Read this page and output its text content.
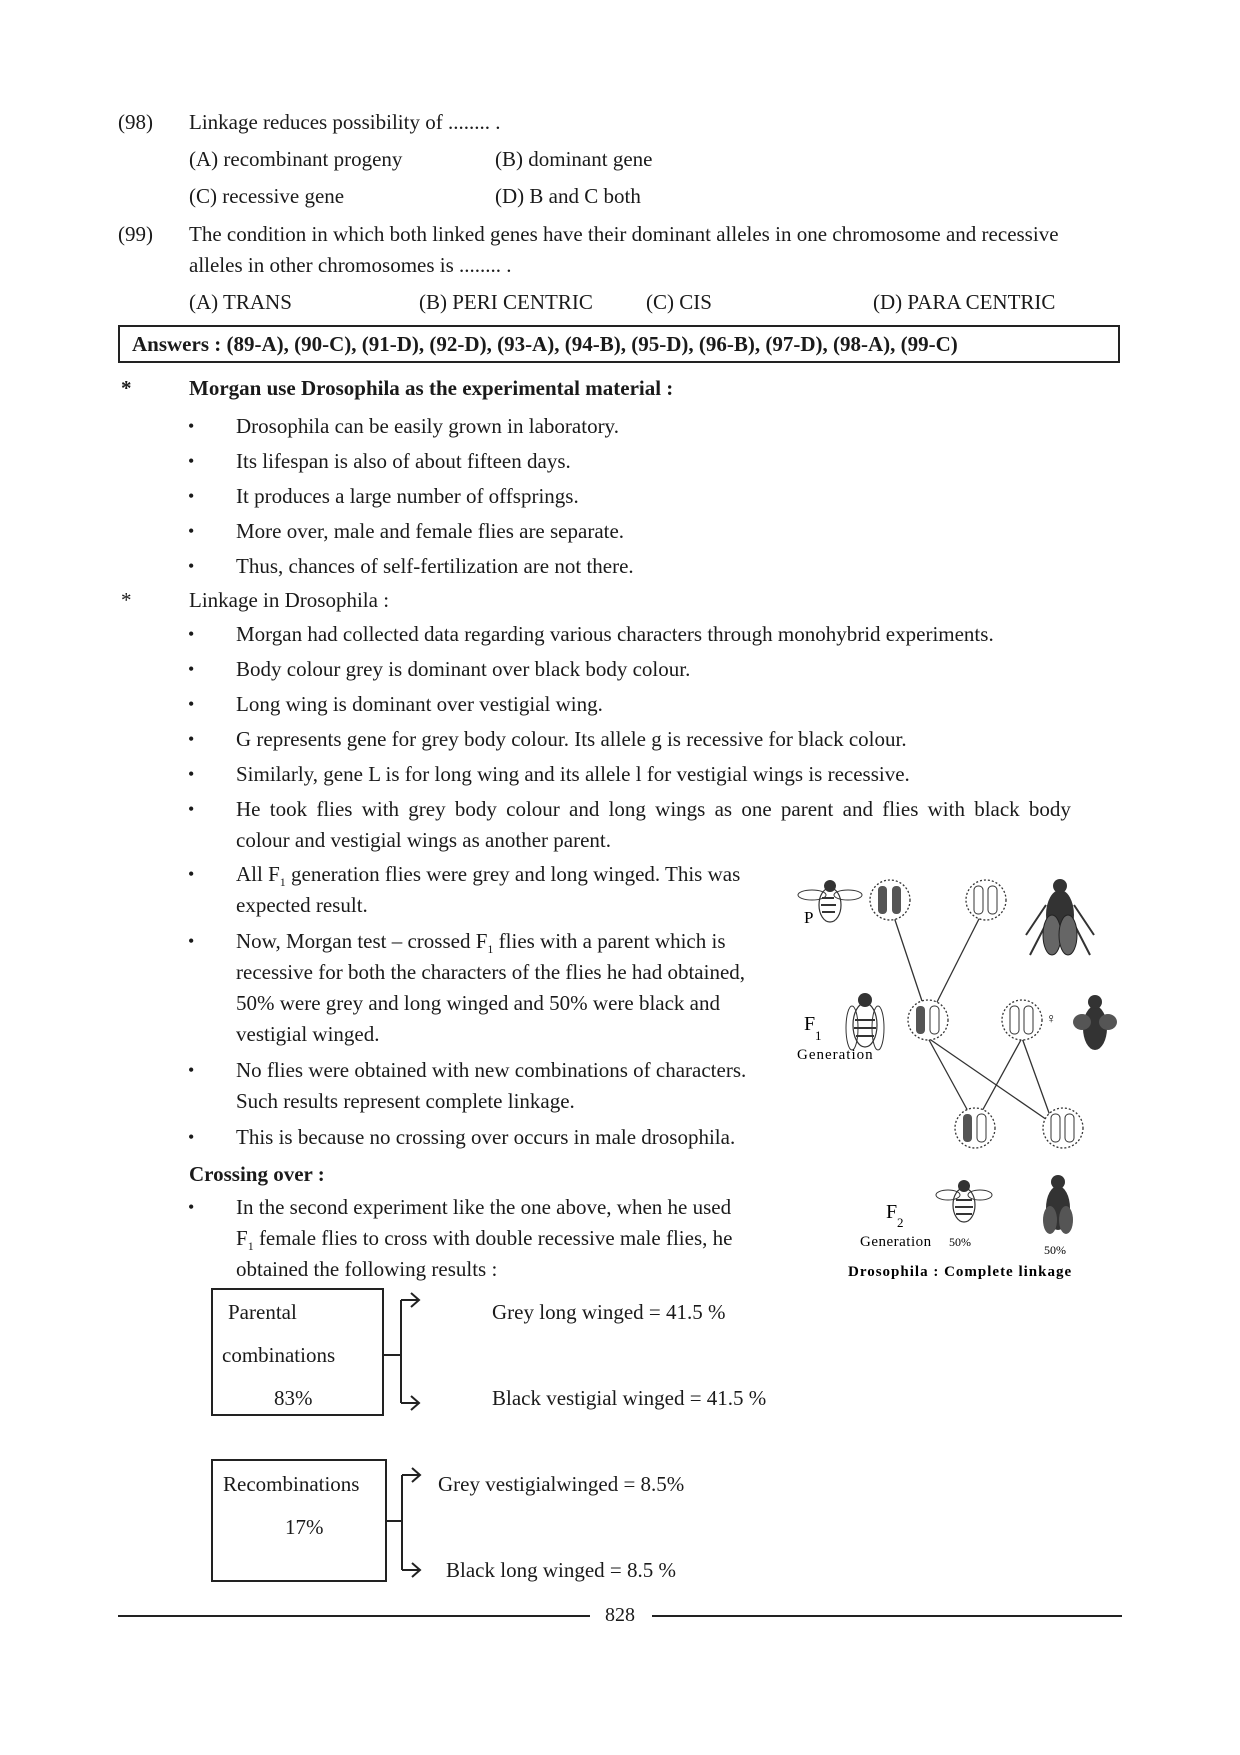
(98) Linkage reduces possibility of ........ .
(A) recombinant progeny	(B) dominant gene
(C) recessive gene	(D) B and C both
(99) The condition in which both linked genes have their dominant alleles in one chromosome and recessive
alleles in other chromosomes is ........ .
(A) TRANS	(B) PERI CENTRIC	(C) CIS	(D) PARA CENTRIC
Answers : (89-A), (90-C), (91-D), (92-D), (93-A), (94-B), (95-D), (96-B), (97-D), (98-A), (99-C)
*	Morgan use Drosophila as the experimental material :
• Drosophila can be easily grown in laboratory.
• Its lifespan is also of about fifteen days.
• It produces a large number of offsprings.
• More over, male and female flies are separate.
• Thus, chances of self-fertilization are not there.
*	Linkage in Drosophila :
• Morgan had collected data regarding various characters through monohybrid experiments.
• Body colour grey is dominant over black body colour.
• Long wing is dominant over vestigial wing.
• G represents gene for grey body colour. Its allele g is recessive for black colour.
• Similarly, gene L is for long wing and its allele l for vestigial wings is recessive.
• He took flies with grey body colour and long wings as one parent and flies with black body
colour and vestigial wings as another parent.
• All $F_1$ generation flies were grey and long winged. This was
expected result.
• Now, Morgan test – crossed $F_1$ flies with a parent which is
recessive for both the characters of the flies he had obtained,
50% were grey and long winged and 50% were black and
vestigial winged.
• No flies were obtained with new combinations of characters.
Such results represent complete linkage.
• This is because no crossing over occurs in male drosophila.
Crossing over :
• In the second experiment like the one above, when he used
$F_1$ female flies to cross with double recessive male flies, he
obtained the following results :
Parental
combinations
83%
Grey long winged = 41.5 %
Black vestigial winged = 41.5 %
Recombinations
17%
Grey vestigialwinged = 8.5%
Black long winged = 8.5 %
P
F
1
Generation
♀
F 2
Generation 50%
50%
Drosophila : Complete linkage
828
